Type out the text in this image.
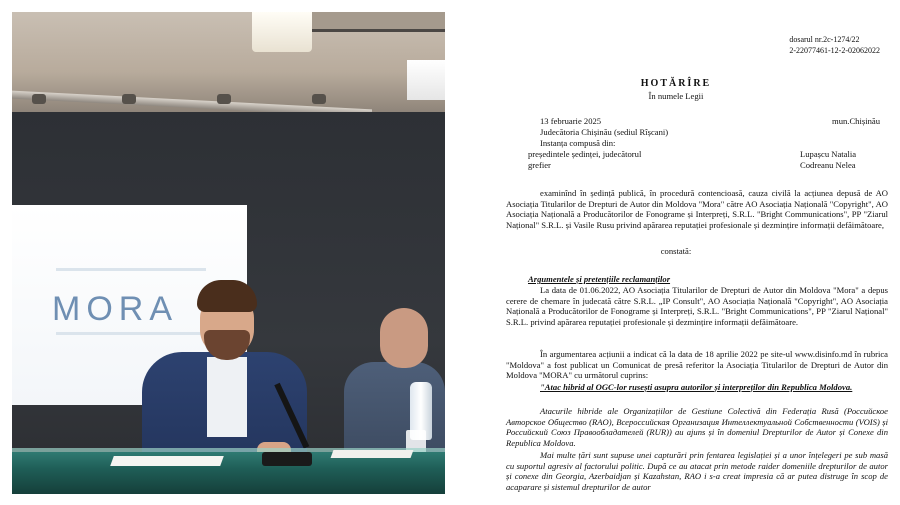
MORA
dosarul nr.2c-1274/22
2-22077461-12-2-02062022
HOTĂRÎRE
În numele Legii
13 februarie 2025	mun.Chișinău
Judecătoria Chișinău (sediul Rîșcani)
Instanța compusă din:
președintele ședinței, judecătorul	Lupașcu Natalia
grefier	Codreanu Nelea
examinînd în ședință publică, în procedură contencioasă, cauza civilă la acțiunea depusă de AO Asociația Titularilor de Drepturi de Autor din Moldova "Mora" către AO Asociația Națională "Copyright", AO Asociația Națională a Producătorilor de Fonograme și Interpreți, S.R.L. "Bright Communications", PP "Ziarul Național" S.R.L. și Vasile Rusu privind apărarea reputației profesionale și dezmințire informații defăimătoare,
constată:
Argumentele și pretențiile reclamanților
La data de 01.06.2022, AO Asociația Titularilor de Drepturi de Autor din Moldova "Mora" a depus cerere de chemare în judecată către S.R.L. „IP Consult", AO Asociația Națională "Copyright", AO Asociația Națională a Producătorilor de Fonograme și Interpreți, S.R.L. "Bright Communications", PP "Ziarul Național" S.R.L. privind apărarea reputației profesionale și dezmințire informații defăimătoare.
În argumentarea acțiunii a indicat că la data de 18 aprilie 2022 pe site-ul www.disinfo.md în rubrica "Moldova" a fost publicat un Comunicat de presă referitor la Asociația Titularilor de Drepturi de Autor din Moldova "MORA" cu următorul cuprins:
"Atac hibrid al OGC-lor rusești asupra autorilor și interpreților din Republica Moldova.
Atacurile hibride ale Organizațiilor de Gestiune Colectivă din Federația Rusă (Российское Авторское Общество (RAO), Всероссийская Организация Интеллектуальной Собственности (VOIS) și Российский Союз Правообладателей (RUR)) au ajuns și în domeniul Drepturilor de Autor și Conexe din Republica Moldova.
Mai multe țări sunt supuse unei capturări prin fentarea legislației și a unor înțelegeri pe sub masă cu suportul agresiv al factorului politic. După ce au atacat prin metode raider domeniile drepturilor de autor și conexe din Georgia, Azerbaidjan și Kazahstan, RAO i s-a creat impresia că ar putea distruge în scop de acaparare și sistemul drepturilor de autor
